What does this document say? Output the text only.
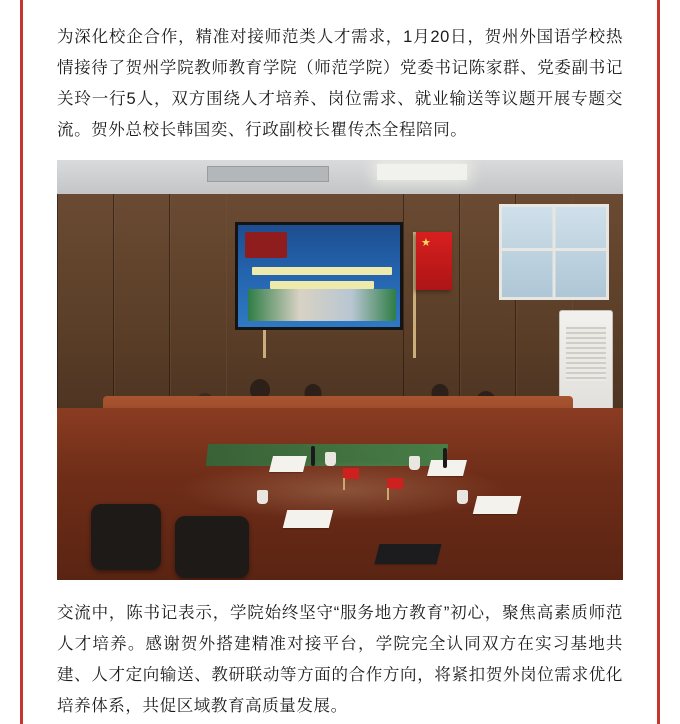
为深化校企合作，精准对接师范类人才需求，1月20日，贺州外国语学校热情接待了贺州学院教师教育学院（师范学院）党委书记陈家群、党委副书记关玲一行5人，双方围绕人才培养、岗位需求、就业输送等议题开展专题交流。贺外总校长韩国奕、行政副校长瞿传杰全程陪同。

★

交流中，陈书记表示，学院始终坚守“服务地方教育”初心，聚焦高素质师范人才培养。感谢贺外搭建精准对接平台，学院完全认同双方在实习基地共建、人才定向输送、教研联动等方面的合作方向，将紧扣贺外岗位需求优化培养体系，共促区域教育高质量发展。
